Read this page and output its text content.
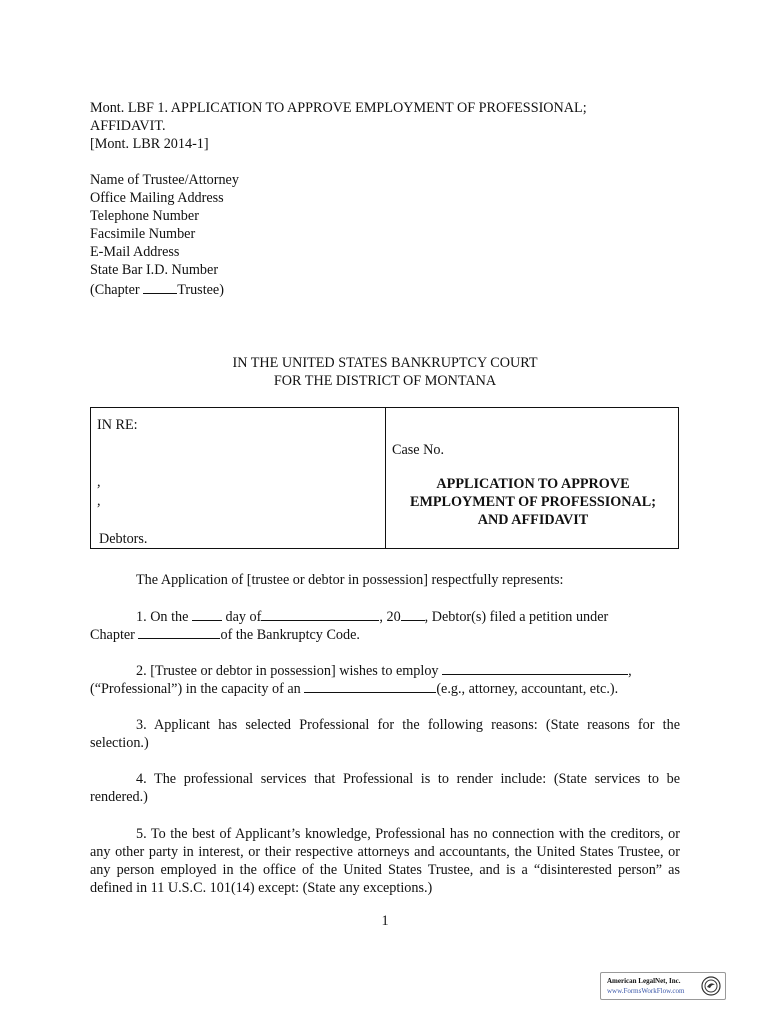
Mont. LBF 1. APPLICATION TO APPROVE EMPLOYMENT OF PROFESSIONAL;
AFFIDAVIT.
[Mont. LBR 2014-1]
Name of Trustee/Attorney
Office Mailing Address
Telephone Number
Facsimile Number
E-Mail Address
State Bar I.D. Number
(Chapter Trustee)
IN THE UNITED STATES BANKRUPTCY COURT
FOR THE DISTRICT OF MONTANA
IN RE:
,
,
Debtors.
Case No.
APPLICATION TO APPROVE
EMPLOYMENT OF PROFESSIONAL;
AND AFFIDAVIT
The Application of [trustee or debtor in possession] respectfully represents:
1. On the	day of	, 20 , Debtor(s) filed a petition under
Chapter	of the Bankruptcy Code.
2. [Trustee or debtor in possession] wishes to employ	,
(“Professional”) in the capacity of an	(e.g., attorney, accountant, etc.).
3. Applicant has selected Professional for the following reasons: (State reasons for the selection.)
4. The professional services that Professional is to render include: (State services to be rendered.)
5. To the best of Applicant’s knowledge, Professional has no connection with the creditors, or any other party in interest, or their respective attorneys and accountants, the United States Trustee, or any person employed in the office of the United States Trustee, and is a “disinterested person” as defined in 11 U.S.C. 101(14) except: (State any exceptions.)
1
American LegalNet, Inc.
www.FormsWorkFlow.com
